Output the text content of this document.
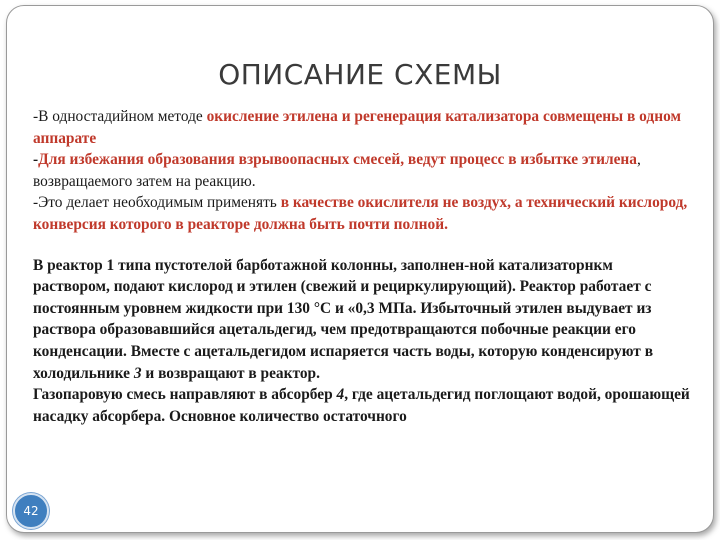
ОПИСАНИЕ СХЕМЫ

-В одностадийном методе окисление этилена и регенерация катализатора совмещены в одном аппарате

-Для избежания образования взрывоопасных смесей, ведут процесс в избытке этилена, возвращаемого затем на реакцию.

-Это делает необходимым применять в качестве окислителя не воздух, а технический кислород, конверсия которого в реакторе должна быть почти полной.

В реактор 1 типа пустотелой барботажной колонны, заполнен-ной катализаторнкм раствором, подают кислород и этилен (свежий и рециркулирующий). Реактор работает с постоянным уровнем жидкости при 130 °С и «0,3 МПа. Избыточный этилен выдувает из раствора образовавшийся ацетальдегид, чем предотвращаются побочные реакции его конденсации. Вместе с ацетальдегидом испаряется часть воды, которую конденсируют в холодильнике 3 и возвращают в реактор.

Газопаровую смесь направляют в абсорбер 4, где ацетальдегид поглощают водой, орошающей насадку абсорбера. Основное количество остаточного

42
